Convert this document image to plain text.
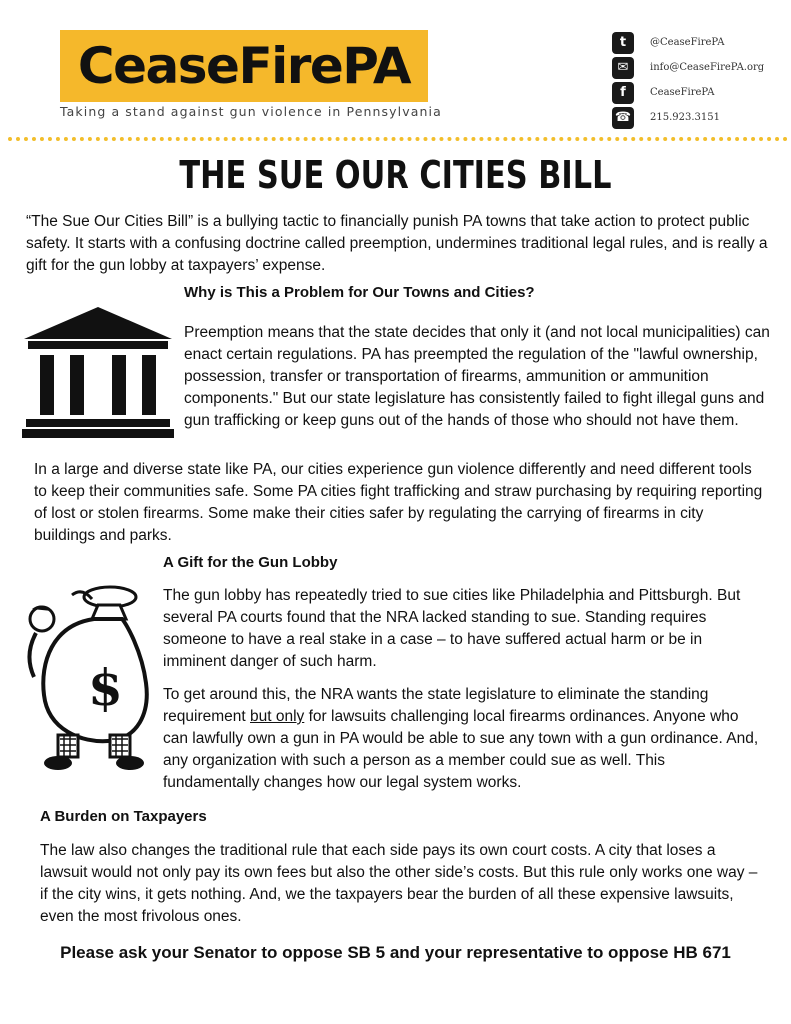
CeaseFirePA
Taking a stand against gun violence in Pennsylvania
t	@CeaseFirePA
✉	info@CeaseFirePA.org
f	CeaseFirePA
☎ 215.923.3151
THE SUE OUR CITIES BILL
“The Sue Our Cities Bill” is a bullying tactic to financially punish PA towns that take action to protect public safety. It starts with a confusing doctrine called preemption, undermines traditional legal rules, and is really a gift for the gun lobby at taxpayers’ expense.
Why is This a Problem for Our Towns and Cities?
Preemption means that the state decides that only it (and not local municipalities) can enact certain regulations. PA has preempted the regulation of the "lawful ownership, possession, transfer or transportation of firearms, ammunition or ammunition components." But our state legislature has consistently failed to fight illegal guns and gun trafficking or keep guns out of the hands of those who should not have them.
In a large and diverse state like PA, our cities experience gun violence differently and need different tools to keep their communities safe. Some PA cities fight trafficking and straw purchasing by requiring reporting of lost or stolen firearms. Some make their cities safer by regulating the carrying of firearms in city buildings and parks.
A Gift for the Gun Lobby
$
The gun lobby has repeatedly tried to sue cities like Philadelphia and Pittsburgh. But several PA courts found that the NRA lacked standing to sue. Standing requires someone to have a real stake in a case – to have suffered actual harm or be in imminent danger of such harm.
To get around this, the NRA wants the state legislature to eliminate the standing requirement but only for lawsuits challenging local firearms ordinances. Anyone who can lawfully own a gun in PA would be able to sue any town with a gun ordinance. And, any organization with such a person as a member could sue as well. This fundamentally changes how our legal system works.
A Burden on Taxpayers
The law also changes the traditional rule that each side pays its own court costs. A city that loses a lawsuit would not only pay its own fees but also the other side’s costs. But this rule only works one way – if the city wins, it gets nothing. And, we the taxpayers bear the burden of all these expensive lawsuits, even the most frivolous ones.
Please ask your Senator to oppose SB 5 and your representative to oppose HB 671
